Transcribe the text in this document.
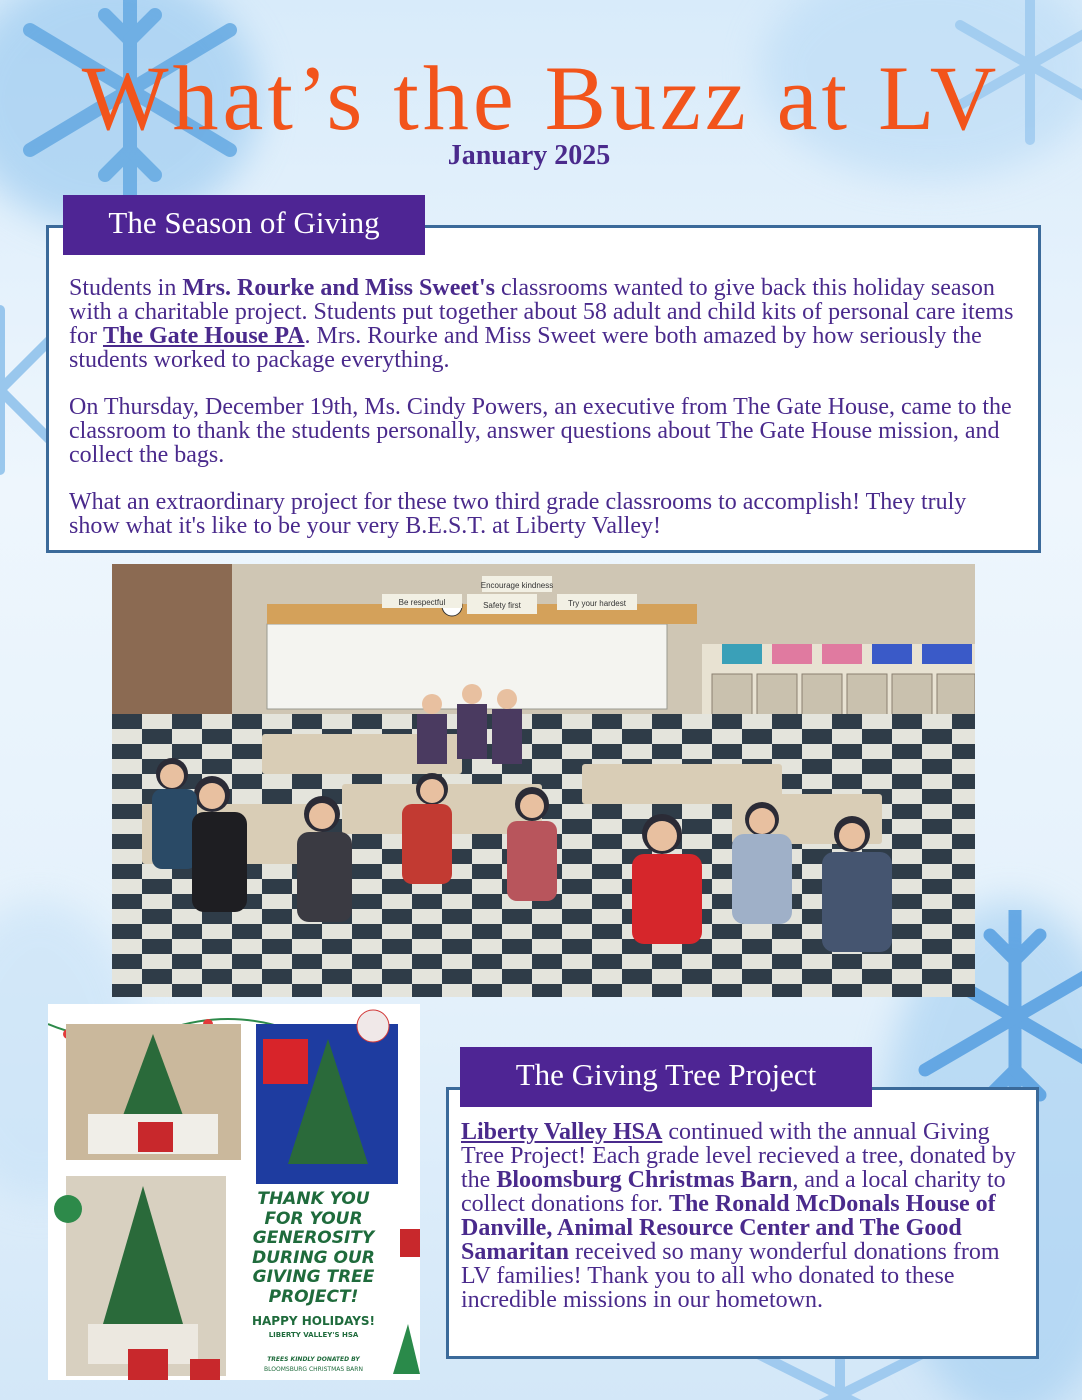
What’s the Buzz at LV
January 2025

Students in Mrs. Rourke and Miss Sweet's classrooms wanted to give back this holiday season with a charitable project. Students put together about 58 adult and child kits of personal care items for The Gate House PA. Mrs. Rourke and Miss Sweet were both amazed by how seriously the students worked to package everything.

On Thursday, December 19th, Ms. Cindy Powers, an executive from The Gate House, came to the classroom to thank the students personally, answer questions about The Gate House mission, and collect the bags.

What an extraordinary project for these two third grade classrooms to accomplish! They truly show what it's like to be your very B.E.S.T. at Liberty Valley!

The Season of Giving
Be respectful	Safety first
Encourage kindness
Try your hardest
THANK YOU
FOR YOUR
GENEROSITY
DURING OUR
GIVING TREE
PROJECT!
HAPPY HOLIDAYS!
LIBERTY VALLEY'S HSA
TREES KINDLY DONATED BY
BLOOMSBURG CHRISTMAS BARN

Liberty Valley HSA continued with the annual Giving Tree Project! Each grade level recieved a tree, donated by the Bloomsburg Christmas Barn, and a local charity to collect donations for. The Ronald McDonals House of Danville, Animal Resource Center and The Good Samaritan received so many wonderful donations from LV families! Thank you to all who donated to these incredible missions in our hometown.

The Giving Tree Project
